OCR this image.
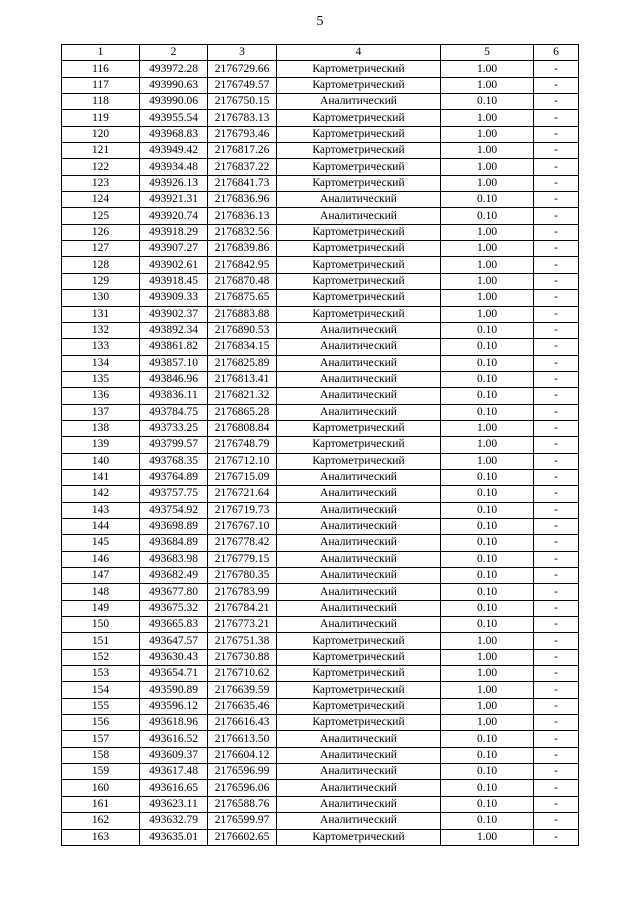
5
1	2	3	4	5	6
116	493972.28	2176729.66	Картометрический	1.00	-
117	493990.63	2176749.57	Картометрический	1.00	-
118	493990.06	2176750.15	Аналитический	0.10	-
119	493955.54	2176783.13	Картометрический	1.00	-
120	493968.83	2176793.46	Картометрический	1.00	-
121	493949.42	2176817.26	Картометрический	1.00	-
122	493934.48	2176837.22	Картометрический	1.00	-
123	493926.13	2176841.73	Картометрический	1.00	-
124	493921.31	2176836.96	Аналитический	0.10	-
125	493920.74	2176836.13	Аналитический	0.10	-
126	493918.29	2176832.56	Картометрический	1.00	-
127	493907.27	2176839.86	Картометрический	1.00	-
128	493902.61	2176842.95	Картометрический	1.00	-
129	493918.45	2176870.48	Картометрический	1.00	-
130	493909.33	2176875.65	Картометрический	1.00	-
131	493902.37	2176883.88	Картометрический	1.00	-
132	493892.34	2176890.53	Аналитический	0.10	-
133	493861.82	2176834.15	Аналитический	0.10	-
134	493857.10	2176825.89	Аналитический	0.10	-
135	493846.96	2176813.41	Аналитический	0.10	-
136	493836.11	2176821.32	Аналитический	0.10	-
137	493784.75	2176865.28	Аналитический	0.10	-
138	493733.25	2176808.84	Картометрический	1.00	-
139	493799.57	2176748.79	Картометрический	1.00	-
140	493768.35	2176712.10	Картометрический	1.00	-
141	493764.89	2176715.09	Аналитический	0.10	-
142	493757.75	2176721.64	Аналитический	0.10	-
143	493754.92	2176719.73	Аналитический	0.10	-
144	493698.89	2176767.10	Аналитический	0.10	-
145	493684.89	2176778.42	Аналитический	0.10	-
146	493683.98	2176779.15	Аналитический	0.10	-
147	493682.49	2176780.35	Аналитический	0.10	-
148	493677.80	2176783.99	Аналитический	0.10	-
149	493675.32	2176784.21	Аналитический	0.10	-
150	493665.83	2176773.21	Аналитический	0.10	-
151	493647.57	2176751.38	Картометрический	1.00	-
152	493630.43	2176730.88	Картометрический	1.00	-
153	493654.71	2176710.62	Картометрический	1.00	-
154	493590.89	2176639.59	Картометрический	1.00	-
155	493596.12	2176635.46	Картометрический	1.00	-
156	493618.96	2176616.43	Картометрический	1.00	-
157	493616.52	2176613.50	Аналитический	0.10	-
158	493609.37	2176604.12	Аналитический	0.10	-
159	493617.48	2176596.99	Аналитический	0.10	-
160	493616.65	2176596.06	Аналитический	0.10	-
161	493623.11	2176588.76	Аналитический	0.10	-
162	493632.79	2176599.97	Аналитический	0.10	-
163	493635.01	2176602.65	Картометрический	1.00	-
